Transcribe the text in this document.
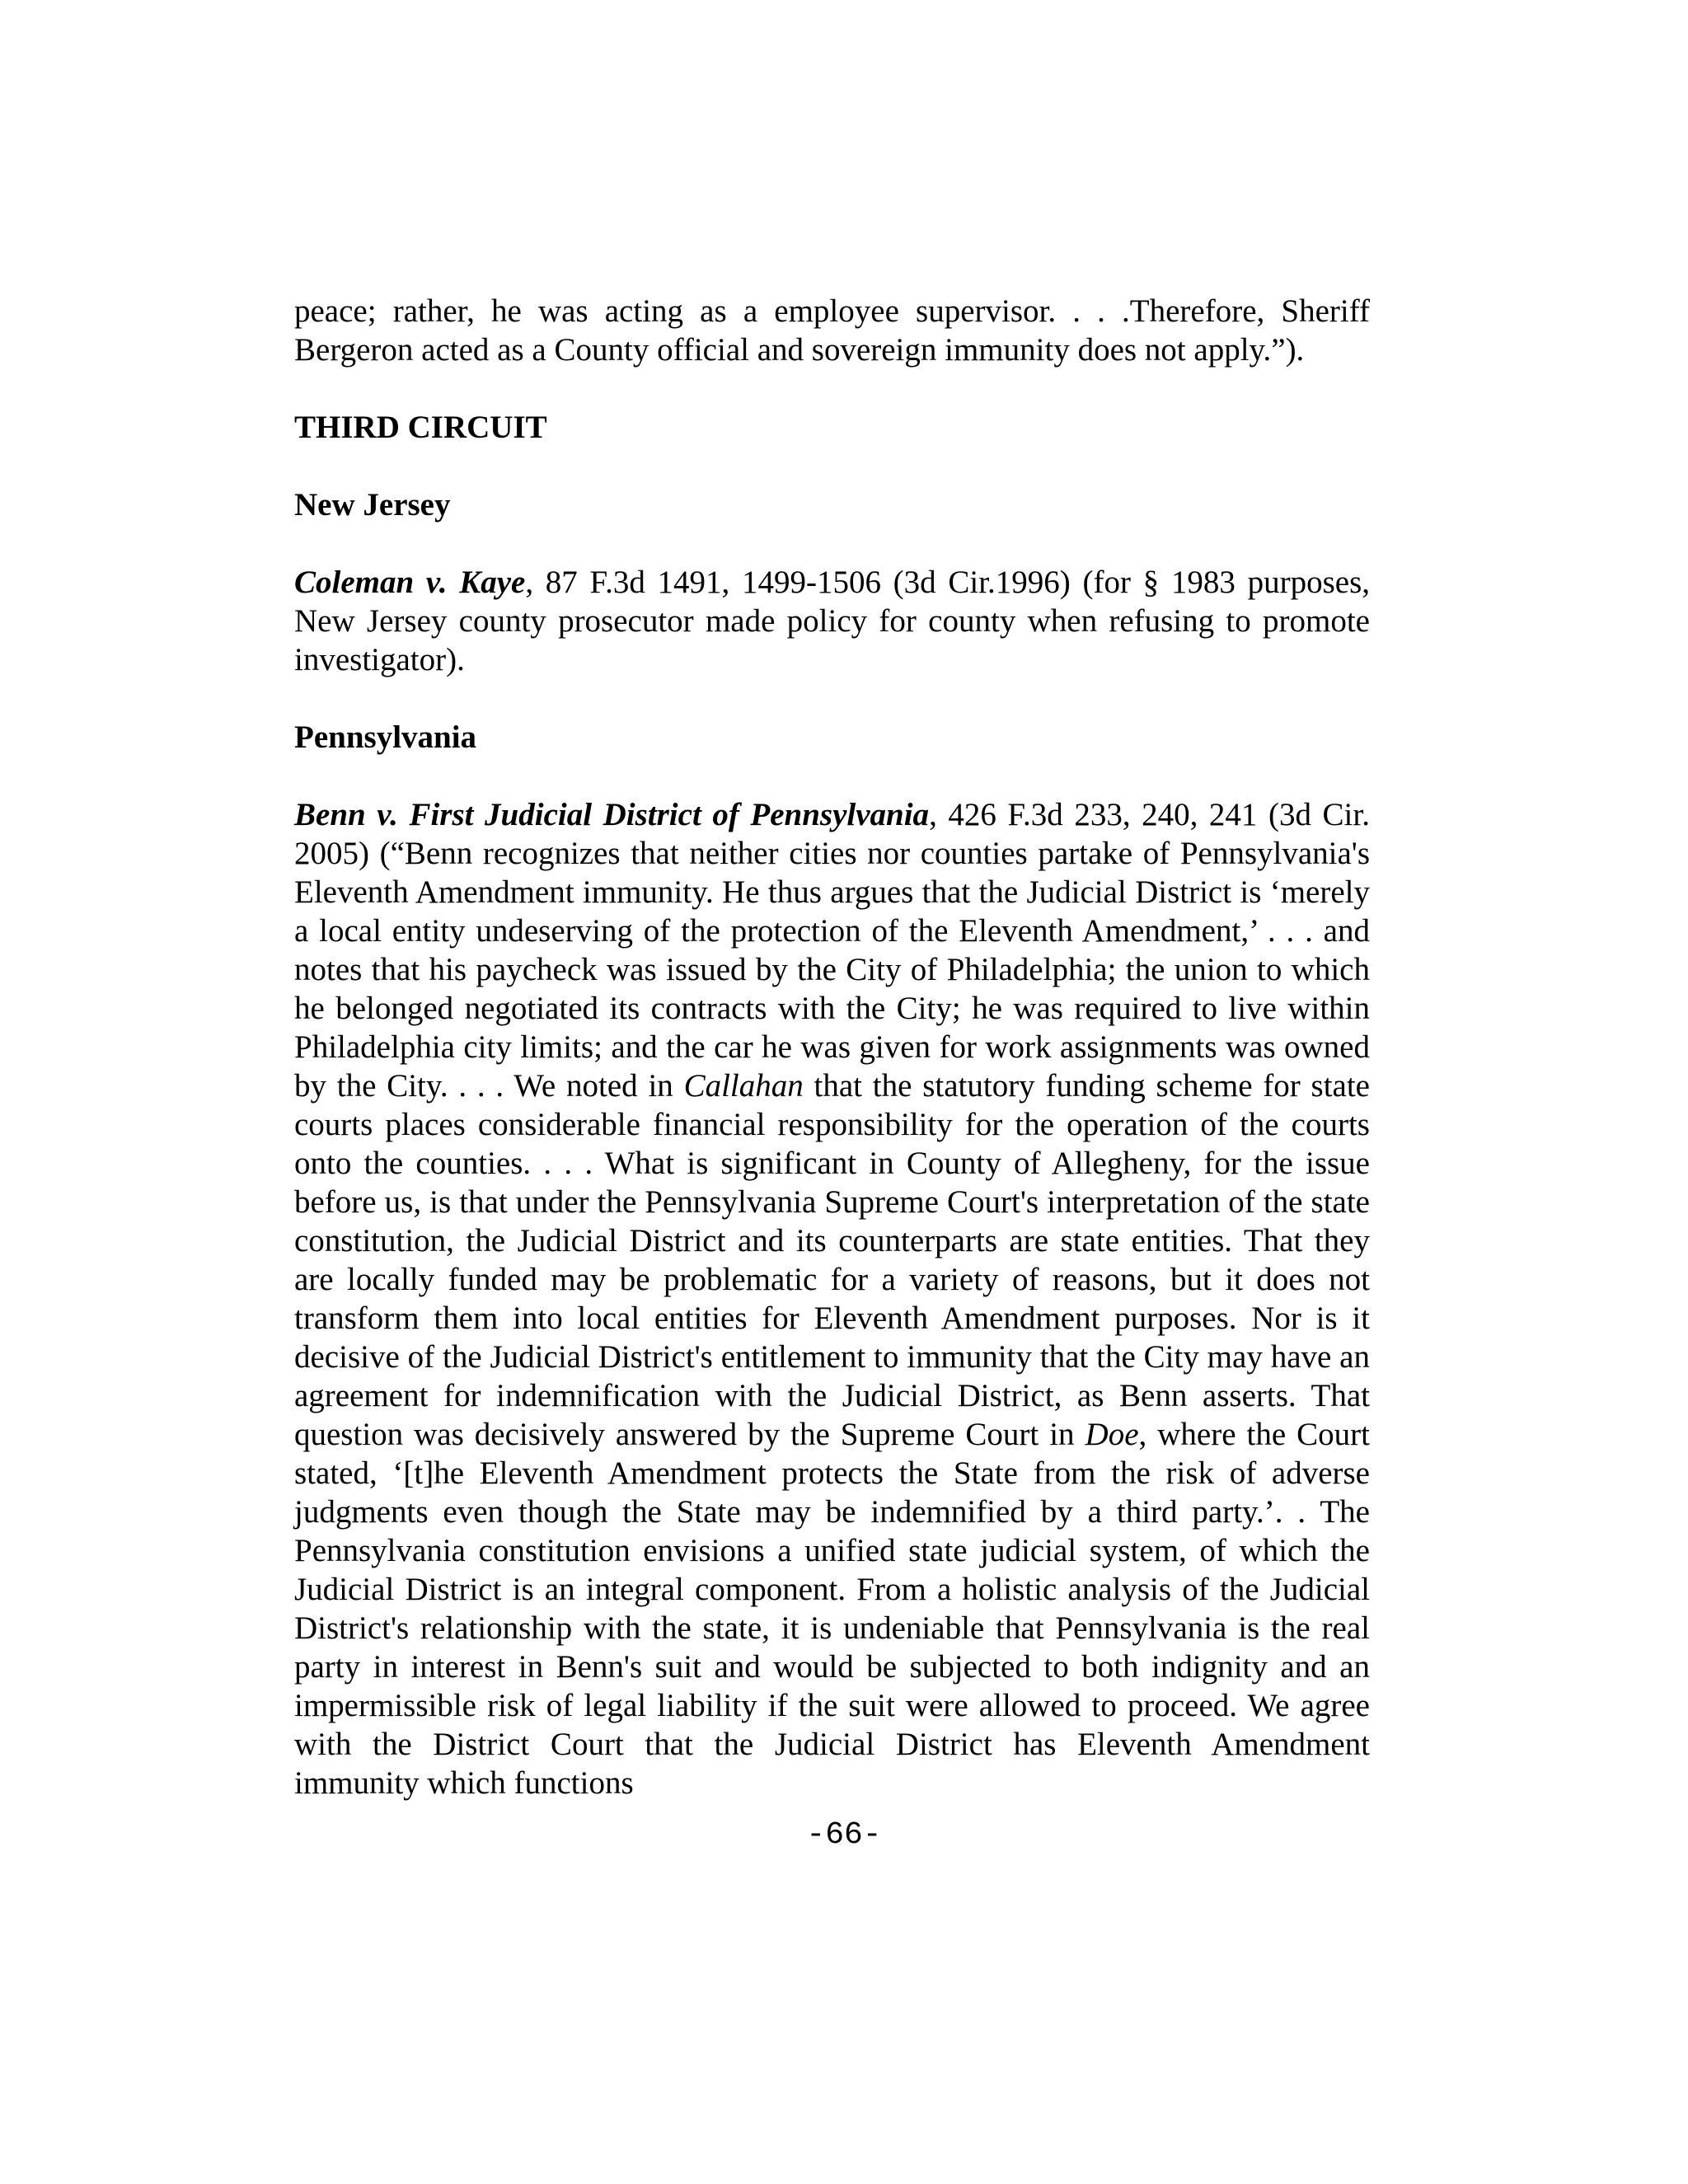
peace; rather, he was acting as a employee supervisor. . . .Therefore, Sheriff Bergeron acted as a County official and sovereign immunity does not apply.”).

THIRD CIRCUIT

New Jersey

Coleman v. Kaye, 87 F.3d 1491, 1499-1506 (3d Cir.1996) (for § 1983 purposes, New Jersey county prosecutor made policy for county when refusing to promote investigator).

Pennsylvania

Benn v. First Judicial District of Pennsylvania, 426 F.3d 233, 240, 241 (3d Cir. 2005) (“Benn recognizes that neither cities nor counties partake of Pennsylvania's Eleventh Amendment immunity. He thus argues that the Judicial District is ‘merely a local entity undeserving of the protection of the Eleventh Amendment,’ . . . and notes that his paycheck was issued by the City of Philadelphia; the union to which he belonged negotiated its contracts with the City; he was required to live within Philadelphia city limits; and the car he was given for work assignments was owned by the City. . . . We noted in Callahan that the statutory funding scheme for state courts places considerable financial responsibility for the operation of the courts onto the counties. . . . What is significant in County of Allegheny, for the issue before us, is that under the Pennsylvania Supreme Court's interpretation of the state constitution, the Judicial District and its counterparts are state entities. That they are locally funded may be problematic for a variety of reasons, but it does not transform them into local entities for Eleventh Amendment purposes. Nor is it decisive of the Judicial District's entitlement to immunity that the City may have an agreement for indemnification with the Judicial District, as Benn asserts. That question was decisively answered by the Supreme Court in Doe, where the Court stated, ‘[t]he Eleventh Amendment protects the State from the risk of adverse judgments even though the State may be indemnified by a third party.’. . The Pennsylvania constitution envisions a unified state judicial system, of which the Judicial District is an integral component. From a holistic analysis of the Judicial District's relationship with the state, it is undeniable that Pennsylvania is the real party in interest in Benn's suit and would be subjected to both indignity and an impermissible risk of legal liability if the suit were allowed to proceed. We agree with the District Court that the Judicial District has Eleventh Amendment immunity which functions

-66-
